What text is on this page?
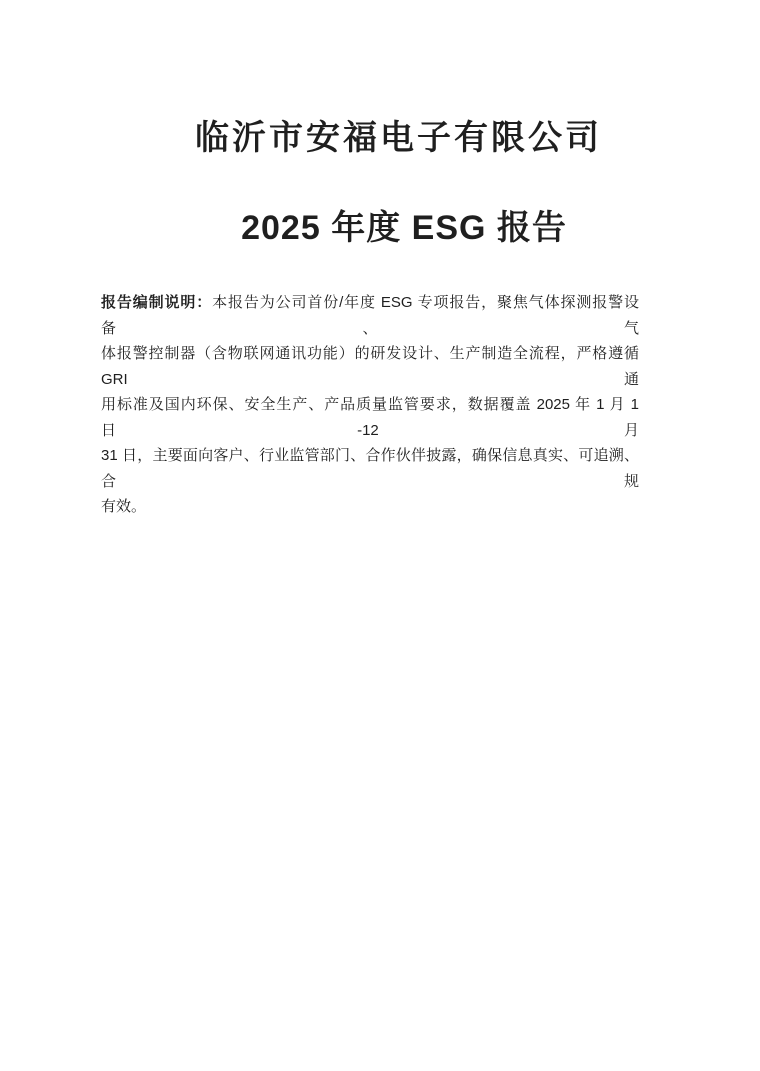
临沂市安福电子有限公司
2025 年度 ESG 报告
报告编制说明：本报告为公司首份/年度 ESG 专项报告，聚焦气体探测报警设备、气
体报警控制器（含物联网通讯功能）的研发设计、生产制造全流程，严格遵循 GRI 通
用标准及国内环保、安全生产、产品质量监管要求，数据覆盖 2025 年 1 月 1 日-12 月
31 日，主要面向客户、行业监管部门、合作伙伴披露，确保信息真实、可追溯、合规
有效。
